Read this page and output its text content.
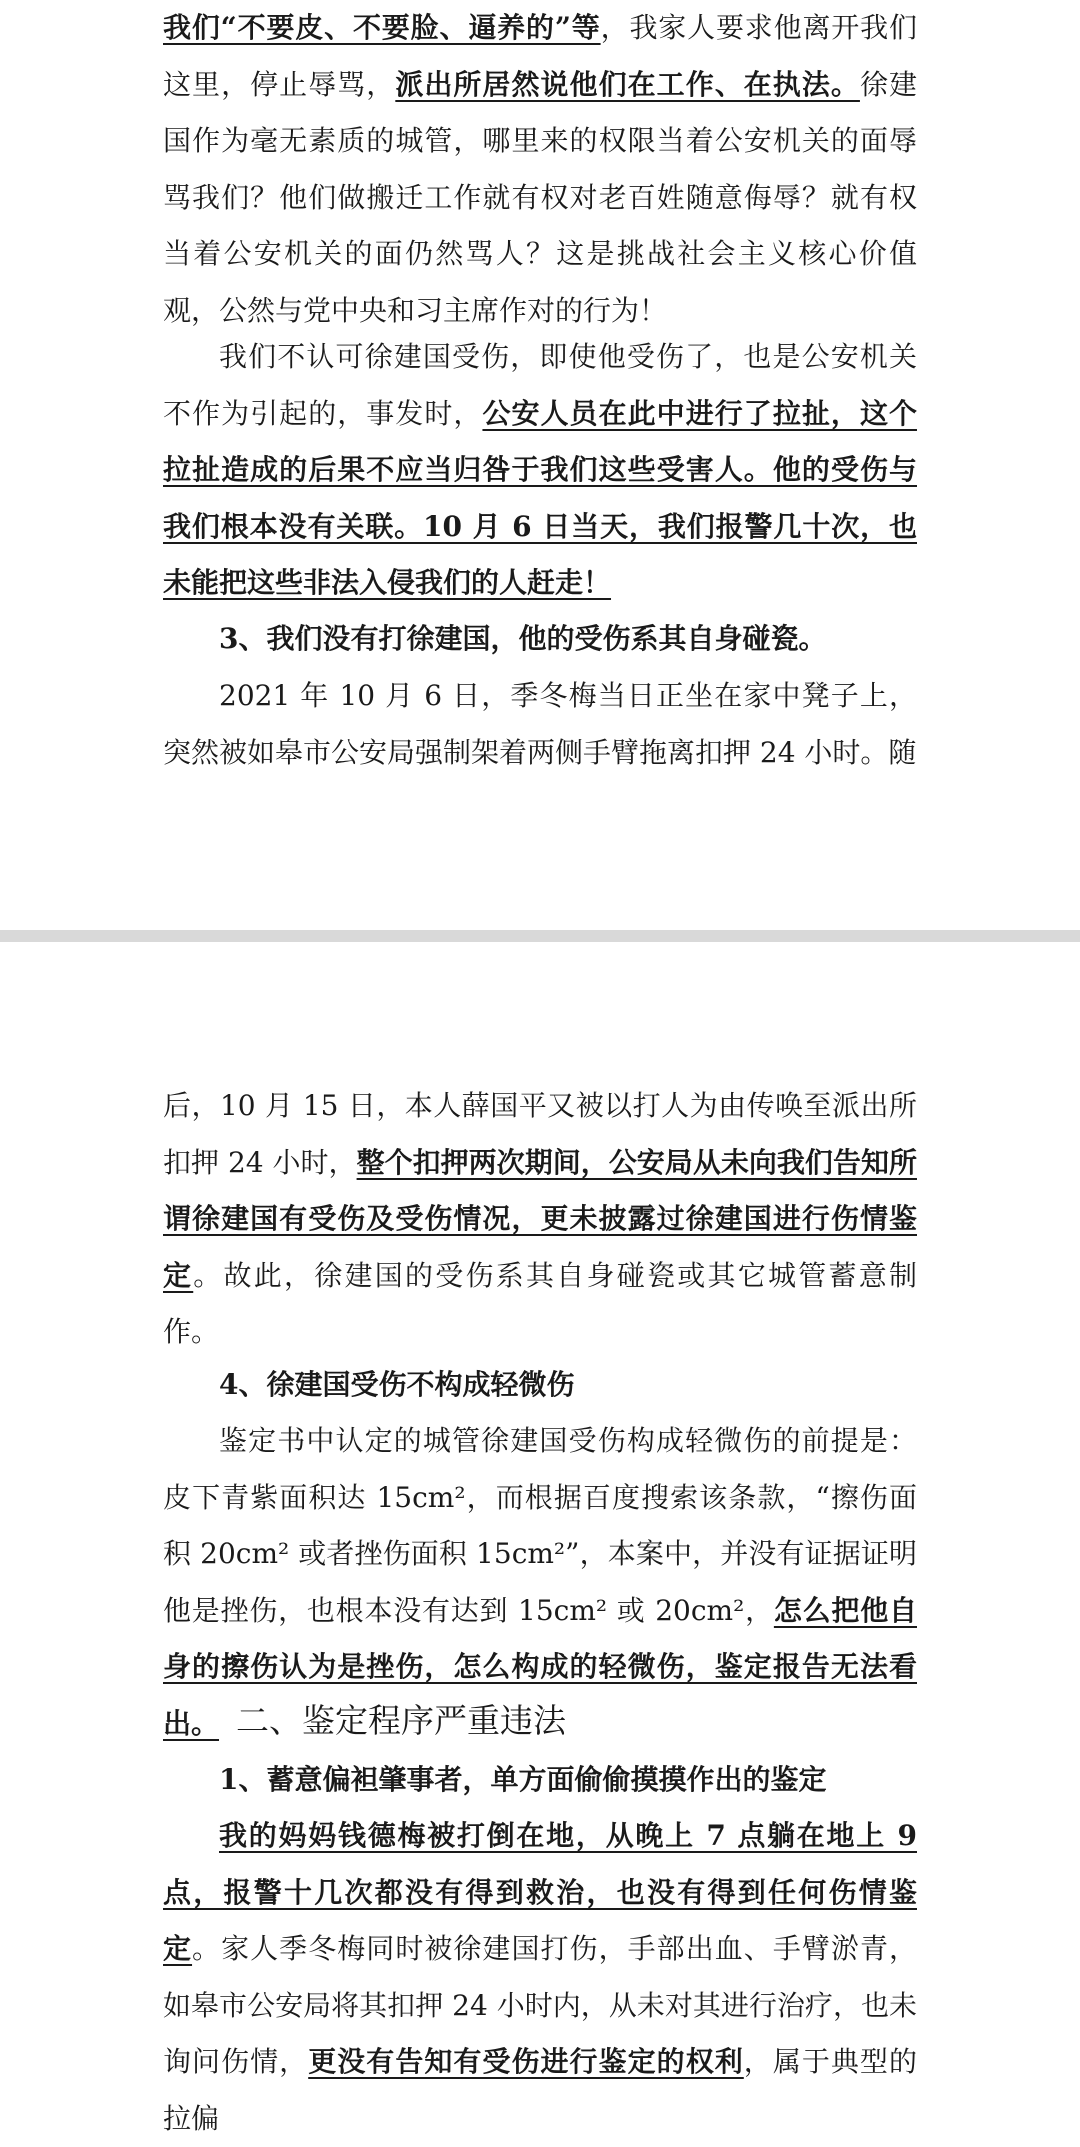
我们“不要皮、不要脸、逼养的”等，我家人要求他离开我们这里，停止辱骂，派出所居然说他们在工作、在执法。徐建国作为毫无素质的城管，哪里来的权限当着公安机关的面辱骂我们？他们做搬迁工作就有权对老百姓随意侮辱？就有权当着公安机关的面仍然骂人？这是挑战社会主义核心价值观，公然与党中央和习主席作对的行为！

我们不认可徐建国受伤，即使他受伤了，也是公安机关不作为引起的，事发时，公安人员在此中进行了拉扯，这个拉扯造成的后果不应当归咎于我们这些受害人。他的受伤与我们根本没有关联。10 月 6 日当天，我们报警几十次，也未能把这些非法入侵我们的人赶走！

3、我们没有打徐建国，他的受伤系其自身碰瓷。

2021 年 10 月 6 日，季冬梅当日正坐在家中凳子上，突然被如皋市公安局强制架着两侧手臂拖离扣押 24 小时。随

后，10 月 15 日，本人薛国平又被以打人为由传唤至派出所扣押 24 小时，整个扣押两次期间，公安局从未向我们告知所谓徐建国有受伤及受伤情况，更未披露过徐建国进行伤情鉴定。故此，徐建国的受伤系其自身碰瓷或其它城管蓄意制作。

4、徐建国受伤不构成轻微伤

鉴定书中认定的城管徐建国受伤构成轻微伤的前提是：皮下青紫面积达 15cm²，而根据百度搜索该条款，“擦伤面积 20cm² 或者挫伤面积 15cm²”，本案中，并没有证据证明他是挫伤，也根本没有达到 15cm² 或 20cm²，怎么把他自身的擦伤认为是挫伤，怎么构成的轻微伤，鉴定报告无法看出。 二、鉴定程序严重违法

1、蓄意偏袒肇事者，单方面偷偷摸摸作出的鉴定

我的妈妈钱德梅被打倒在地，从晚上 7 点躺在地上 9 点，报警十几次都没有得到救治，也没有得到任何伤情鉴定。家人季冬梅同时被徐建国打伤，手部出血、手臂淤青，如皋市公安局将其扣押 24 小时内，从未对其进行治疗，也未询问伤情，更没有告知有受伤进行鉴定的权利，属于典型的拉偏
